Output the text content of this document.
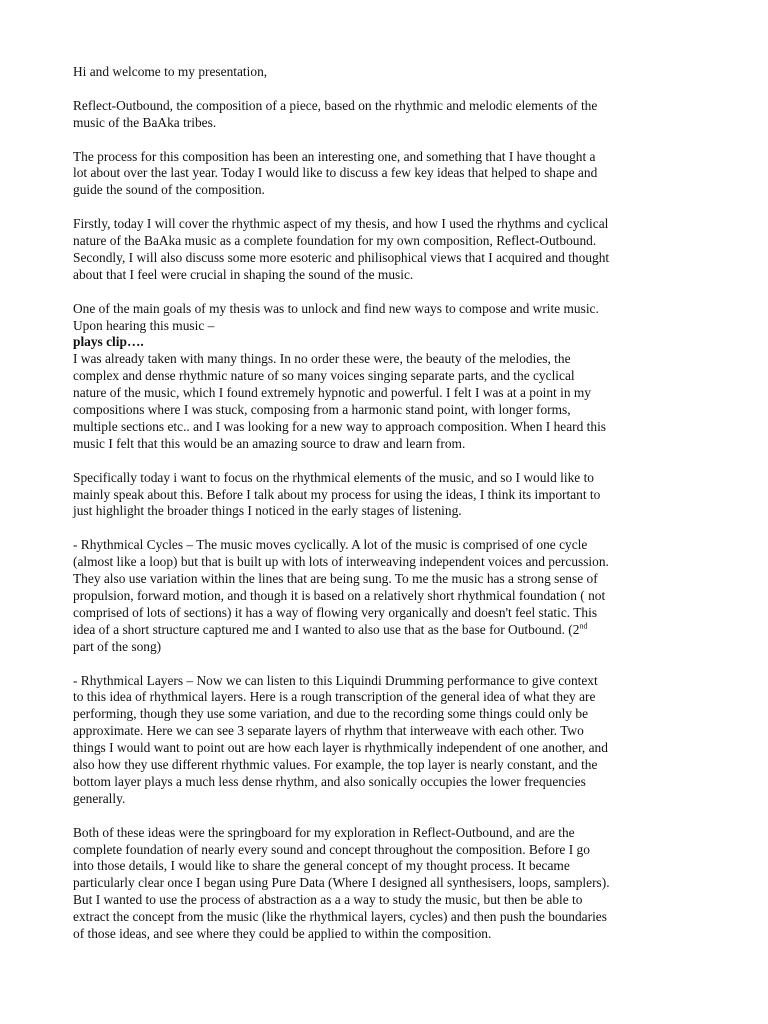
Hi and welcome to my presentation,

Reflect-Outbound, the composition of a piece, based on the rhythmic and melodic elements of the
music of the BaAka tribes.

The process for this composition has been an interesting one, and something that I have thought a
lot about over the last year. Today I would like to discuss a few key ideas that helped to shape and
guide the sound of the composition.

Firstly, today I will cover the rhythmic aspect of my thesis, and how I used the rhythms and cyclical
nature of the BaAka music as a complete foundation for my own composition, Reflect-Outbound.
Secondly, I will also discuss some more esoteric and philisophical views that I acquired and thought
about that I feel were crucial in shaping the sound of the music.

One of the main goals of my thesis was to unlock and find new ways to compose and write music.
Upon hearing this music –
plays clip….
I was already taken with many things. In no order these were, the beauty of the melodies, the
complex and dense rhythmic nature of so many voices singing separate parts, and the cyclical
nature of the music, which I found extremely hypnotic and powerful. I felt I was at a point in my
compositions where I was stuck, composing from a harmonic stand point, with longer forms,
multiple sections etc.. and I was looking for a new way to approach composition. When I heard this
music I felt that this would be an amazing source to draw and learn from.

Specifically today i want to focus on the rhythmical elements of the music, and so I would like to
mainly speak about this. Before I talk about my process for using the ideas, I think its important to
just highlight the broader things I noticed in the early stages of listening.

- Rhythmical Cycles – The music moves cyclically. A lot of the music is comprised of one cycle
(almost like a loop) but that is built up with lots of interweaving independent voices and percussion.
They also use variation within the lines that are being sung. To me the music has a strong sense of
propulsion, forward motion, and though it is based on a relatively short rhythmical foundation ( not
comprised of lots of sections) it has a way of flowing very organically and doesn't feel static. This
idea of a short structure captured me and I wanted to also use that as the base for Outbound. (2nd
part of the song)

- Rhythmical Layers – Now we can listen to this Liquindi Drumming performance to give context
to this idea of rhythmical layers. Here is a rough transcription of the general idea of what they are
performing, though they use some variation, and due to the recording some things could only be
approximate. Here we can see 3 separate layers of rhythm that interweave with each other. Two
things I would want to point out are how each layer is rhythmically independent of one another, and
also how they use different rhythmic values. For example, the top layer is nearly constant, and the
bottom layer plays a much less dense rhythm, and also sonically occupies the lower frequencies
generally.

Both of these ideas were the springboard for my exploration in Reflect-Outbound, and are the
complete foundation of nearly every sound and concept throughout the composition. Before I go
into those details, I would like to share the general concept of my thought process. It became
particularly clear once I began using Pure Data (Where I designed all synthesisers, loops, samplers).
But I wanted to use the process of abstraction as a a way to study the music, but then be able to
extract the concept from the music (like the rhythmical layers, cycles) and then push the boundaries
of those ideas, and see where they could be applied to within the composition.
